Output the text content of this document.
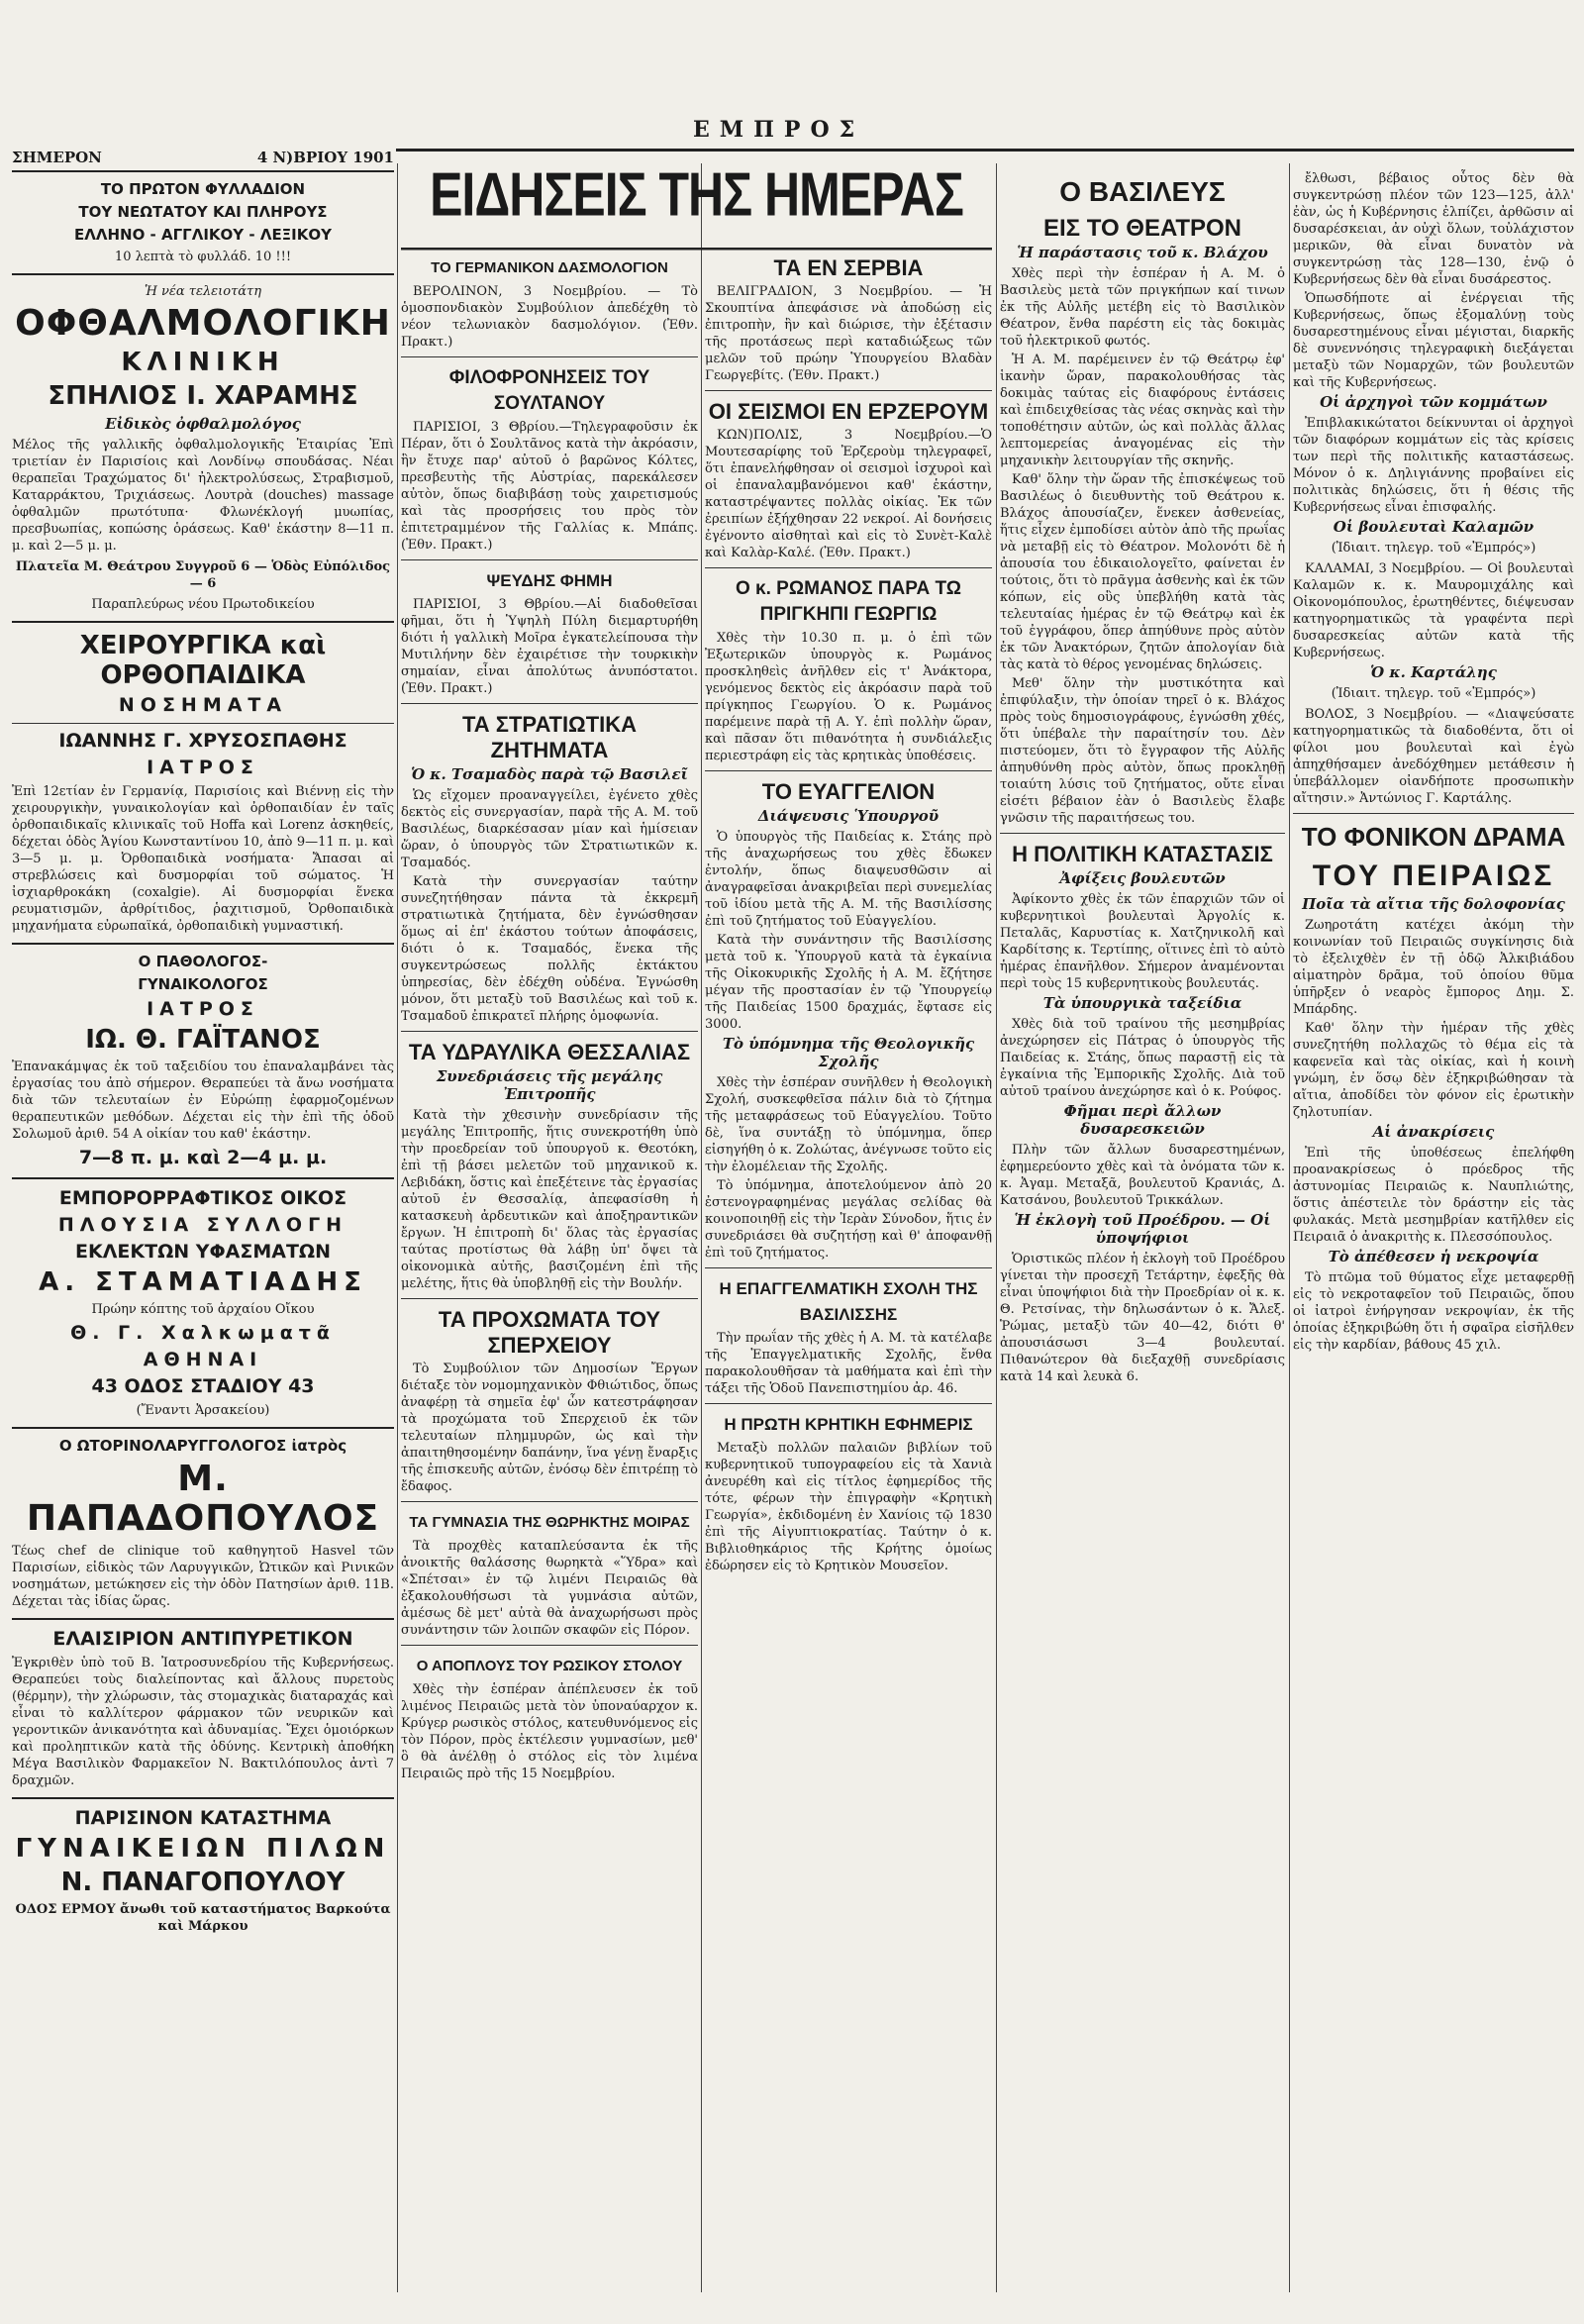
ΕΜΠΡΟΣ
ΣΗΜΕΡΟΝ	4 Ν)ΒΡΙΟΥ 1901
ΤΟ ΠΡΩΤΟΝ ΦΥΛΛΑΔΙΟΝ
ΤΟΥ ΝΕΩΤΑΤΟΥ ΚΑΙ ΠΛΗΡΟΥΣ
ΕΛΛΗΝΟ - ΑΓΓΛΙΚΟΥ - ΛΕΞΙΚΟΥ
10 λεπτὰ τὸ φυλλάδ. 10 !!!
Ἡ νέα τελειοτάτη
ΟΦΘΑΛΜΟΛΟΓΙΚΗ
ΚΛΙΝΙΚΗ
ΣΠΗΛΙΟΣ Ι. ΧΑΡΑΜΗΣ
Εἰδικὸς ὀφθαλμολόγος
Μέλος τῆς γαλλικῆς ὀφθαλμολογικῆς Ἑταιρίας Ἐπὶ τριετίαν ἐν Παρισίοις καὶ Λονδίνῳ σπουδάσας. Νέαι θεραπεῖαι Τραχώματος δι' ἠλεκτρολύσεως, Στραβισμοῦ, Καταρράκτου, Τριχιάσεως. Λουτρὰ (douches) massage ὀφθαλμῶν πρωτότυπα· Φλωνέκλογή μυωπίας, πρεσβυωπίας, κοπώσης ὁράσεως. Καθ' ἑκάστην 8—11 π. μ. καὶ 2—5 μ. μ.
Πλατεῖα Μ. Θεάτρου Συγγροῦ 6 — Ὁδὸς Εὐπόλιδος — 6
Παραπλεύρως νέου Πρωτοδικείου
ΧΕΙΡΟΥΡΓΙΚΑ καὶ ΟΡΘΟΠΑΙΔΙΚΑ
ΝΟΣΗΜΑΤΑ
ΙΩΑΝΝΗΣ Γ. ΧΡΥΣΟΣΠΑΘΗΣ
ΙΑΤΡΟΣ
Ἐπὶ 12ετίαν ἐν Γερμανίᾳ, Παρισίοις καὶ Βιέννῃ εἰς τὴν χειρουργικὴν, γυναικολογίαν καὶ ὀρθοπαιδίαν ἐν ταῖς ὀρθοπαιδικαῖς κλινικαῖς τοῦ Hoffa καὶ Lorenz ἀσκηθείς, δέχεται ὁδὸς Ἁγίου Κωνσταντίνου 10, ἀπὸ 9—11 π. μ. καὶ 3—5 μ. μ. Ὀρθοπαιδικὰ νοσήματα· Ἄπασαι αἱ στρεβλώσεις καὶ δυσμορφίαι τοῦ σώματος. Ἡ ἰσχιαρθροκάκη (coxalgie). Αἱ δυσμορφίαι ἕνεκα ρευματισμῶν, ἀρθρίτιδος, ῥαχιτισμοῦ, Ὀρθοπαιδικὰ μηχανήματα εὐρωπαϊκά, ὀρθοπαιδικὴ γυμναστική.
Ο ΠΑΘΟΛΟΓΟΣ-
ΓΥΝΑΙΚΟΛΟΓΟΣ
ΙΑΤΡΟΣ
ΙΩ. Θ. ΓΑΪΤΑΝΟΣ
Ἐπανακάμψας ἐκ τοῦ ταξειδίου του ἐπαναλαμβάνει τὰς ἐργασίας του ἀπὸ σήμερον. Θεραπεύει τὰ ἄνω νοσήματα διὰ τῶν τελευταίων ἐν Εὐρώπῃ ἐφαρμοζομένων θεραπευτικῶν μεθόδων. Δέχεται εἰς τὴν ἐπὶ τῆς ὁδοῦ Σολωμοῦ ἀριθ. 54 Α οἰκίαν του καθ' ἑκάστην.
7—8 π. μ. καὶ 2—4 μ. μ.
ΕΜΠΟΡΟΡΡΑΦΤΙΚΟΣ ΟΙΚΟΣ
ΠΛΟΥΣΙΑ ΣΥΛΛΟΓΗ
ΕΚΛΕΚΤΩΝ ΥΦΑΣΜΑΤΩΝ
Α. ΣΤΑΜΑΤΙΑΔΗΣ
Πρώην κόπτης τοῦ ἀρχαίου Οἴκου
Θ. Γ. Χαλκωματᾶ
ΑΘΗΝΑΙ
43 ΟΔΟΣ ΣΤΑΔΙΟΥ 43
(Ἔναντι Ἀρσακείου)
Ο ΩΤΟΡΙΝΟΛΑΡΥΓΓΟΛΟΓΟΣ ἰατρὸς
Μ. ΠΑΠΑΔΟΠΟΥΛΟΣ
Τέως chef de clinique τοῦ καθηγητοῦ Hasvel τῶν Παρισίων, εἰδικὸς τῶν Λαρυγγικῶν, Ὠτικῶν καὶ Ρινικῶν νοσημάτων, μετώκησεν εἰς τὴν ὁδὸν Πατησίων ἀριθ. 11Β. Δέχεται τὰς ἰδίας ὥρας.
ΕΛΑΙΣΙΡΙΟΝ ΑΝΤΙΠΥΡΕΤΙΚΟΝ
Ἐγκριθὲν ὑπὸ τοῦ Β. Ἰατροσυνεδρίου τῆς Κυβερνήσεως. Θεραπεύει τοὺς διαλείποντας καὶ ἄλλους πυρετοὺς (θέρμην), τὴν χλώρωσιν, τὰς στομαχικὰς διαταραχάς καὶ εἶναι τὸ καλλίτερον φάρμακον τῶν νευρικῶν καὶ γεροντικῶν ἀνικανότητα καὶ ἀδυναμίας. Ἔχει ὁμοιόρκων καὶ προληπτικῶν κατὰ τῆς ὁδύνης. Κεντρικὴ ἀποθήκη Μέγα Βασιλικὸν Φαρμακεῖον Ν. Βακτιλόπουλος ἀντὶ 7 δραχμῶν.
ΠΑΡΙΣΙΝΟΝ ΚΑΤΑΣΤΗΜΑ
ΓΥΝΑΙΚΕΙΩΝ ΠΙΛΩΝ
Ν. ΠΑΝΑΓΟΠΟΥΛΟΥ
ΟΔΟΣ ΕΡΜΟΥ ἄνωθι τοῦ καταστήματος Βαρκούτα καὶ Μάρκου
ΕΙΔΗΣΕΙΣ ΤΗΣ ΗΜΕΡΑΣ
ΤΟ ΓΕΡΜΑΝΙΚΟΝ ΔΑΣΜΟΛΟΓΙΟΝ
ΒΕΡΟΛΙΝΟΝ, 3 Νοεμβρίου. — Τὸ ὁμοσπονδιακὸν Συμβούλιον ἀπεδέχθη τὸ νέον τελωνιακὸν δασμολόγιον. (Ἐθν. Πρακτ.)
ΦΙΛΟΦΡΟΝΗΣΕΙΣ ΤΟΥ ΣΟΥΛΤΑΝΟΥ
ΠΑΡΙΣΙΟΙ, 3 Θβρίου.—Τηλεγραφοῦσιν ἐκ Πέραν, ὅτι ὁ Σουλτᾶνος κατὰ τὴν ἀκρόασιν, ἣν ἔτυχε παρ' αὐτοῦ ὁ βαρῶνος Κόλτες, πρεσβευτὴς τῆς Αὐστρίας, παρεκάλεσεν αὐτὸν, ὅπως διαβιβάσῃ τοὺς χαιρετισμούς καὶ τὰς προσρήσεις του πρὸς τὸν ἐπιτετραμμένον τῆς Γαλλίας κ. Μπάπς. (Ἐθν. Πρακτ.)
ΨΕΥΔΗΣ ΦΗΜΗ
ΠΑΡΙΣΙΟΙ, 3 Θβρίου.—Αἱ διαδοθεῖσαι φῆμαι, ὅτι ἡ Ὑψηλὴ Πύλη διεμαρτυρήθη διότι ἡ γαλλικὴ Μοῖρα ἐγκατελείπουσα τὴν Μυτιλήνην δὲν ἐχαιρέτισε τὴν τουρκικὴν σημαίαν, εἶναι ἀπολύτως ἀνυπόστατοι. (Ἐθν. Πρακτ.)
ΤΑ ΣΤΡΑΤΙΩΤΙΚΑ ΖΗΤΗΜΑΤΑ
Ὁ κ. Τσαμαδὸς παρὰ τῷ Βασιλεῖ
Ὡς εἴχομεν προαναγγείλει, ἐγένετο χθὲς δεκτὸς εἰς συνεργασίαν, παρὰ τῆς Α. Μ. τοῦ Βασιλέως, διαρκέσασαν μίαν καὶ ἡμίσειαν ὥραν, ὁ ὑπουργὸς τῶν Στρατιωτικῶν κ. Τσαμαδός.
Κατὰ τὴν συνεργασίαν ταύτην συνεζητήθησαν πάντα τὰ ἐκκρεμῆ στρατιωτικὰ ζητήματα, δὲν ἐγνώσθησαν ὅμως αἱ ἐπ' ἐκάστου τούτων ἀποφάσεις, διότι ὁ κ. Τσαμαδός, ἕνεκα τῆς συγκεντρώσεως πολλῆς ἐκτάκτου ὑπηρεσίας, δὲν ἐδέχθη οὐδένα. Ἐγνώσθη μόνον, ὅτι μεταξὺ τοῦ Βασιλέως καὶ τοῦ κ. Τσαμαδοῦ ἐπικρατεῖ πλήρης ὁμοφωνία.
ΤΑ ΥΔΡΑΥΛΙΚΑ ΘΕΣΣΑΛΙΑΣ
Συνεδριάσεις τῆς μεγάλης Ἐπιτροπῆς
Κατὰ τὴν χθεσινὴν συνεδρίασιν τῆς μεγάλης Ἐπιτροπῆς, ἥτις συνεκροτήθη ὑπὸ τὴν προεδρείαν τοῦ ὑπουργοῦ κ. Θεοτόκη, ἐπὶ τῇ βάσει μελετῶν τοῦ μηχανικοῦ κ. Λεβιδάκη, ὅστις καὶ ἐπεξέτεινε τὰς ἐργασίας αὐτοῦ ἐν Θεσσαλίᾳ, ἀπεφασίσθη ἡ κατασκευὴ ἀρδευτικῶν καὶ ἀποξηραντικῶν ἔργων. Ἡ ἐπιτροπὴ δι' ὅλας τὰς ἐργασίας ταύτας προτίστως θὰ λάβῃ ὑπ' ὄψει τὰ οἰκονομικὰ αὐτῆς, βασιζομένη ἐπὶ τῆς μελέτης, ἥτις θὰ ὑποβληθῇ εἰς τὴν Βουλήν.
ΤΑ ΠΡΟΧΩΜΑΤΑ ΤΟΥ ΣΠΕΡΧΕΙΟΥ
Τὸ Συμβούλιον τῶν Δημοσίων Ἔργων διέταξε τὸν νομομηχανικὸν Φθιώτιδος, ὅπως ἀναφέρῃ τὰ σημεῖα ἐφ' ὧν κατεστράφησαν τὰ προχώματα τοῦ Σπερχειοῦ ἐκ τῶν τελευταίων πλημμυρῶν, ὡς καὶ τὴν ἀπαιτηθησομένην δαπάνην, ἵνα γένῃ ἔναρξις τῆς ἐπισκευῆς αὐτῶν, ἐνόσῳ δὲν ἐπιτρέπῃ τὸ ἔδαφος.
ΤΑ ΓΥΜΝΑΣΙΑ ΤΗΣ ΘΩΡΗΚΤΗΣ ΜΟΙΡΑΣ
Τὰ προχθὲς καταπλεύσαντα ἐκ τῆς ἀνοικτῆς θαλάσσης θωρηκτὰ «Ὕδρα» καὶ «Σπέτσαι» ἐν τῷ λιμένι Πειραιῶς θὰ ἐξακολουθήσωσι τὰ γυμνάσια αὐτῶν, ἀμέσως δὲ μετ' αὐτὰ θὰ ἀναχωρήσωσι πρὸς συνάντησιν τῶν λοιπῶν σκαφῶν εἰς Πόρον.
Ο ΑΠΟΠΛΟΥΣ ΤΟΥ ΡΩΣΙΚΟΥ ΣΤΟΛΟΥ
Χθὲς τὴν ἑσπέραν ἀπέπλευσεν ἐκ τοῦ λιμένος Πειραιῶς μετὰ τὸν ὑποναύαρχον κ. Κρύγερ ρωσικὸς στόλος, κατευθυνόμενος εἰς τὸν Πόρον, πρὸς ἐκτέλεσιν γυμνασίων, μεθ' ὃ θὰ ἀνέλθῃ ὁ στόλος εἰς τὸν λιμένα Πειραιῶς πρὸ τῆς 15 Νοεμβρίου.
ΤΑ ΕΝ ΣΕΡΒΙΑ
ΒΕΛΙΓΡΑΔΙΟΝ, 3 Νοεμβρίου. — Ἡ Σκουπτίνα ἀπεφάσισε νὰ ἀποδώσῃ εἰς ἐπιτροπὴν, ἣν καὶ διώρισε, τὴν ἐξέτασιν τῆς προτάσεως περὶ καταδιώξεως τῶν μελῶν τοῦ πρώην Ὑπουργείου Βλαδὰν Γεωργεβίτς. (Ἐθν. Πρακτ.)
ΟΙ ΣΕΙΣΜΟΙ ΕΝ ΕΡΖΕΡΟΥΜ
ΚΩΝ)ΠΟΛΙΣ, 3 Νοεμβρίου.—Ὁ Μουτεσαρίφης τοῦ Ἐρζεροὺμ τηλεγραφεῖ, ὅτι ἐπανελήφθησαν οἱ σεισμοὶ ἰσχυροὶ καὶ οἱ ἐπαναλαμβανόμενοι καθ' ἑκάστην, καταστρέψαντες πολλὰς οἰκίας. Ἐκ τῶν ἐρειπίων ἐξήχθησαν 22 νεκροί. Αἱ δονήσεις ἐγένοντο αἰσθηταὶ καὶ εἰς τὸ Συνὲτ-Καλὲ καὶ Καλὰρ-Καλέ. (Ἐθν. Πρακτ.)
Ο κ. ΡΩΜΑΝΟΣ ΠΑΡΑ ΤΩ ΠΡΙΓΚΗΠΙ ΓΕΩΡΓΙΩ
Χθὲς τὴν 10.30 π. μ. ὁ ἐπὶ τῶν Ἐξωτερικῶν ὑπουργὸς κ. Ρωμάνος προσκληθεὶς ἀνῆλθεν εἰς τ' Ἀνάκτορα, γενόμενος δεκτὸς εἰς ἀκρόασιν παρὰ τοῦ πρίγκηπος Γεωργίου. Ὁ κ. Ρωμάνος παρέμεινε παρὰ τῇ Α. Υ. ἐπὶ πολλὴν ὥραν, καὶ πᾶσαν ὅτι πιθανότητα ἡ συνδιάλεξις περιεστράφη εἰς τὰς κρητικὰς ὑποθέσεις.
ΤΟ ΕΥΑΓΓΕΛΙΟΝ
Διάψευσις Ὑπουργοῦ
Ὁ ὑπουργὸς τῆς Παιδείας κ. Στάης πρὸ τῆς ἀναχωρήσεως του χθὲς ἔδωκεν ἐντολήν, ὅπως διαψευσθῶσιν αἱ ἀναγραφεῖσαι ἀνακριβεῖαι περὶ συνεμελίας τοῦ ἰδίου μετὰ τῆς Α. Μ. τῆς Βασιλίσσης ἐπὶ τοῦ ζητήματος τοῦ Εὐαγγελίου.
Κατὰ τὴν συνάντησιν τῆς Βασιλίσσης μετὰ τοῦ κ. Ὑπουργοῦ κατὰ τὰ ἐγκαίνια τῆς Οἰκοκυρικῆς Σχολῆς ἡ Α. Μ. ἔζήτησε μέγαν τῆς προστασίαν ἐν τῷ Ὑπουργείῳ τῆς Παιδείας 1500 δραχμάς, ἔφτασε εἰς 3000.
Τὸ ὑπόμνημα τῆς Θεολογικῆς Σχολῆς
Χθὲς τὴν ἑσπέραν συνῆλθεν ἡ Θεολογικὴ Σχολή, συσκεφθεῖσα πάλιν διὰ τὸ ζήτημα τῆς μεταφράσεως τοῦ Εὐαγγελίου. Τοῦτο δὲ, ἵνα συντάξῃ τὸ ὑπόμνημα, ὅπερ εἰσηγήθη ὁ κ. Ζολώτας, ἀνέγνωσε τοῦτο εἰς τὴν ἐλομέλειαν τῆς Σχολῆς.
Τὸ ὑπόμνημα, ἀποτελούμενον ἀπὸ 20 ἐστενογραφημένας μεγάλας σελίδας θὰ κοινοποιηθῇ εἰς τὴν Ἱερὰν Σύνοδον, ἥτις ἐν συνεδριάσει θὰ συζητήσῃ καὶ θ' ἀποφανθῇ ἐπὶ τοῦ ζητήματος.
Η ΕΠΑΓΓΕΛΜΑΤΙΚΗ ΣΧΟΛΗ ΤΗΣ ΒΑΣΙΛΙΣΣΗΣ
Τὴν πρωΐαν τῆς χθὲς ἡ Α. Μ. τὰ κατέλαβε τῆς Ἐπαγγελματικῆς Σχολῆς, ἔνθα παρακολουθῆσαν τὰ μαθήματα καὶ ἐπὶ τὴν τάξει τῆς Ὁδοῦ Πανεπιστημίου ἀρ. 46.
Η ΠΡΩΤΗ ΚΡΗΤΙΚΗ ΕΦΗΜΕΡΙΣ
Μεταξὺ πολλῶν παλαιῶν βιβλίων τοῦ κυβερνητικοῦ τυπογραφείου εἰς τὰ Χανιὰ ἀνευρέθη καὶ εἰς τίτλος ἐφημερίδος τῆς τότε, φέρων τὴν ἐπιγραφὴν «Κρητικὴ Γεωργία», ἐκδιδομένη ἐν Χανίοις τῷ 1830 ἐπὶ τῆς Αἰγυπτιοκρατίας. Ταύτην ὁ κ. Βιβλιοθηκάριος τῆς Κρήτης ὁμοίως ἐδώρησεν εἰς τὸ Κρητικὸν Μουσεῖον.
Ο ΒΑΣΙΛΕΥΣ
ΕΙΣ ΤΟ ΘΕΑΤΡΟΝ
Ἡ παράστασις τοῦ κ. Βλάχου
Χθὲς περὶ τὴν ἑσπέραν ἡ Α. Μ. ὁ Βασιλεὺς μετὰ τῶν πριγκήπων καί τινων ἐκ τῆς Αὐλῆς μετέβη εἰς τὸ Βασιλικὸν Θέατρον, ἔνθα παρέστη εἰς τὰς δοκιμὰς τοῦ ἠλεκτρικοῦ φωτός.
Ἡ Α. Μ. παρέμεινεν ἐν τῷ Θεάτρῳ ἐφ' ἱκανὴν ὥραν, παρακολουθήσας τὰς δοκιμὰς ταύτας εἰς διαφόρους ἐντάσεις καὶ ἐπιδειχθείσας τὰς νέας σκηνὰς καὶ τὴν τοποθέτησιν αὐτῶν, ὡς καὶ πολλὰς ἄλλας λεπτομερείας ἀναγομένας εἰς τὴν μηχανικὴν λειτουργίαν τῆς σκηνῆς.
Καθ' ὅλην τὴν ὥραν τῆς ἐπισκέψεως τοῦ Βασιλέως ὁ διευθυντὴς τοῦ Θεάτρου κ. Βλάχος ἀπουσίαζεν, ἕνεκεν ἀσθενείας, ἥτις εἶχεν ἐμποδίσει αὐτὸν ἀπὸ τῆς πρωΐας νὰ μεταβῇ εἰς τὸ Θέατρον. Μολονότι δὲ ἡ ἀπουσία του ἐδικαιολογεῖτο, φαίνεται ἐν τούτοις, ὅτι τὸ πρᾶγμα ἀσθενὴς καὶ ἐκ τῶν κόπων, εἰς οὓς ὑπεβλήθη κατὰ τὰς τελευταίας ἡμέρας ἐν τῷ Θεάτρῳ καὶ ἐκ τοῦ ἐγγράφου, ὅπερ ἀπηύθυνε πρὸς αὐτὸν ἐκ τῶν Ἀνακτόρων, ζητῶν ἀπολογίαν διὰ τὰς κατὰ τὸ θέρος γενομένας δηλώσεις.
Μεθ' ὅλην τὴν μυστικότητα καὶ ἐπιφύλαξιν, τὴν ὁποίαν τηρεῖ ὁ κ. Βλάχος πρὸς τοὺς δημοσιογράφους, ἐγνώσθη χθές, ὅτι ὑπέβαλε τὴν παραίτησίν του. Δὲν πιστεύομεν, ὅτι τὸ ἔγγραφον τῆς Αὐλῆς ἀπηυθύνθη πρὸς αὐτὸν, ὅπως προκληθῇ τοιαύτη λύσις τοῦ ζητήματος, οὔτε εἶναι εἰσέτι βέβαιον ἐὰν ὁ Βασιλεὺς ἔλαβε γνῶσιν τῆς παραιτήσεως του.
Η ΠΟΛΙΤΙΚΗ ΚΑΤΑΣΤΑΣΙΣ
Ἀφίξεις βουλευτῶν
Ἀφίκοντο χθὲς ἐκ τῶν ἐπαρχιῶν τῶν οἱ κυβερνητικοὶ βουλευταὶ Ἀργολίς κ. Πεταλᾶς, Καρυστίας κ. Χατζηνικολῆ καὶ Καρδίτσης κ. Τερτίπης, οἵτινες ἐπὶ τὸ αὐτὸ ἡμέρας ἐπανῆλθον. Σήμερον ἀναμένονται περὶ τοὺς 15 κυβερνητικοὺς βουλευτάς.
Τὰ ὑπουργικὰ ταξείδια
Χθὲς διὰ τοῦ τραίνου τῆς μεσημβρίας ἀνεχώρησεν εἰς Πάτρας ὁ ὑπουργὸς τῆς Παιδείας κ. Στάης, ὅπως παραστῇ εἰς τὰ ἐγκαίνια τῆς Ἐμπορικῆς Σχολῆς. Διὰ τοῦ αὐτοῦ τραίνου ἀνεχώρησε καὶ ὁ κ. Ρούφος.
Φῆμαι περὶ ἄλλων δυσαρεσκειῶν
Πλὴν τῶν ἄλλων δυσαρεστημένων, ἐφημερεύοντο χθὲς καὶ τὰ ὀνόματα τῶν κ. κ. Ἀγαμ. Μεταξᾶ, βουλευτοῦ Κρανιάς, Δ. Κατσάνου, βουλευτοῦ Τρικκάλων.
Ἡ ἐκλογὴ τοῦ Προέδρου. — Οἱ ὑποψήφιοι
Ὁριστικῶς πλέον ἡ ἐκλογὴ τοῦ Προέδρου γίνεται τὴν προσεχῆ Τετάρτην, ἐφεξῆς θὰ εἶναι ὑποψήφιοι διὰ τὴν Προεδρίαν οἱ κ. κ. Θ. Ρετσίνας, τὴν δηλωσάντων ὁ κ. Ἄλεξ. Ῥώμας, μεταξὺ τῶν 40—42, διότι θ' ἀπουσιάσωσι 3—4 βουλευταί. Πιθανώτερον θὰ διεξαχθῇ συνεδρίασις κατὰ 14 καὶ λευκὰ 6.
ἔλθωσι, βέβαιος οὗτος δὲν θὰ συγκεντρώσῃ πλέον τῶν 123—125, ἀλλ' ἐὰν, ὡς ἡ Κυβέρνησις ἐλπίζει, ἀρθῶσιν αἱ δυσαρέσκειαι, ἀν οὐχὶ ὅλων, τοὐλάχιστον μερικῶν, θὰ εἶναι δυνατὸν νὰ συγκεντρώσῃ τὰς 128—130, ἐνῷ ὁ Κυβερνήσεως δὲν θὰ εἶναι δυσάρεστος.
Ὁπωσδήποτε αἱ ἐνέργειαι τῆς Κυβερνήσεως, ὅπως ἐξομαλύνῃ τοὺς δυσαρεστημένους εἶναι μέγισται, διαρκῆς δὲ συνεννόησις τηλεγραφικὴ διεξάγεται μεταξὺ τῶν Νομαρχῶν, τῶν βουλευτῶν καὶ τῆς Κυβερνήσεως.
Οἱ ἀρχηγοὶ τῶν κομμάτων
Ἐπιβλακικώτατοι δείκνυνται οἱ ἀρχηγοὶ τῶν διαφόρων κομμάτων εἰς τὰς κρίσεις των περὶ τῆς πολιτικῆς καταστάσεως. Μόνον ὁ κ. Δηλιγιάννης προβαίνει εἰς πολιτικὰς δηλώσεις, ὅτι ἡ θέσις τῆς Κυβερνήσεως εἶναι ἐπισφαλής.
Οἱ βουλευταὶ Καλαμῶν
(Ἰδιαιτ. τηλεγρ. τοῦ «Ἐμπρός»)
ΚΑΛΑΜΑΙ, 3 Νοεμβρίου. — Οἱ βουλευταὶ Καλαμῶν κ. κ. Μαυρομιχάλης καὶ Οἰκονομόπουλος, ἐρωτηθέντες, διέψευσαν κατηγορηματικῶς τὰ γραφέντα περὶ δυσαρεσκείας αὐτῶν κατὰ τῆς Κυβερνήσεως.
Ὁ κ. Καρτάλης
(Ἰδιαιτ. τηλεγρ. τοῦ «Ἐμπρός»)
ΒΟΛΟΣ, 3 Νοεμβρίου. — «Διαψεύσατε κατηγορηματικῶς τὰ διαδοθέντα, ὅτι οἱ φίλοι μου βουλευταὶ καὶ ἐγὼ ἀπηχθήσαμεν ἀνεδόχθημεν μετάθεσιν ἡ ὑπεβάλλομεν οἰανδήποτε προσωπικὴν αἴτησιν.» Ἀντώνιος Γ. Καρτάλης.
ΤΟ ΦΟΝΙΚΟΝ ΔΡΑΜΑ
ΤΟΥ ΠΕΙΡΑΙΩΣ
Ποῖα τὰ αἴτια τῆς δολοφονίας
Ζωηροτάτη κατέχει ἀκόμη τὴν κοινωνίαν τοῦ Πειραιῶς συγκίνησις διὰ τὸ ἐξελιχθὲν ἐν τῇ ὁδῷ Ἀλκιβιάδου αἱματηρὸν δρᾶμα, τοῦ ὁποίου θῦμα ὑπῆρξεν ὁ νεαρὸς ἔμπορος Δημ. Σ. Μπάρδης.
Καθ' ὅλην τὴν ἡμέραν τῆς χθὲς συνεζητήθη πολλαχῶς τὸ θέμα εἰς τὰ καφενεῖα καὶ τὰς οἰκίας, καὶ ἡ κοινὴ γνώμη, ἐν ὅσῳ δὲν ἐξηκριβώθησαν τὰ αἴτια, ἀποδίδει τὸν φόνον εἰς ἐρωτικὴν ζηλοτυπίαν.
Αἱ ἀνακρίσεις
Ἐπὶ τῆς ὑποθέσεως ἐπελήφθη προανακρίσεως ὁ πρόεδρος τῆς ἀστυνομίας Πειραιῶς κ. Ναυπλιώτης, ὅστις ἀπέστειλε τὸν δράστην εἰς τὰς φυλακάς. Μετὰ μεσημβρίαν κατῆλθεν εἰς Πειραιᾶ ὁ ἀνακριτὴς κ. Πλεσσόπουλος.
Τὸ ἀπέθεσεν ἡ νεκροψία
Τὸ πτῶμα τοῦ θύματος εἶχε μεταφερθῇ εἰς τὸ νεκροταφεῖον τοῦ Πειραιῶς, ὅπου οἱ ἰατροὶ ἐνήργησαν νεκροψίαν, ἐκ τῆς ὁποίας ἐξηκριβώθη ὅτι ἡ σφαῖρα εἰσῆλθεν εἰς τὴν καρδίαν, βάθους 45 χιλ.
